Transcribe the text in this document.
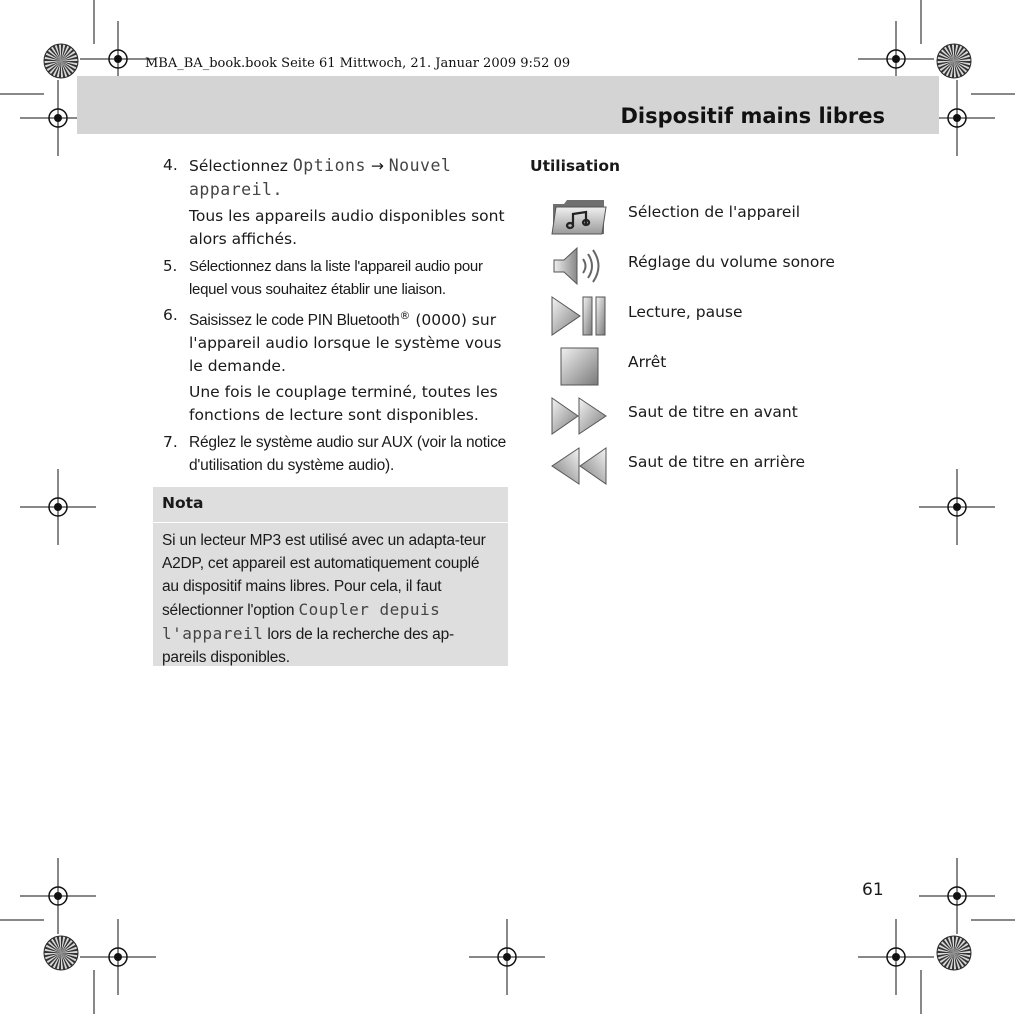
MBA_BA_book.book Seite 61 Mittwoch, 21. Januar 2009 9:52 09
Dispositif mains libres
4. Sélectionnez Options → Nouvel appareil.
Tous les appareils audio disponibles sont alors affichés.
5. Sélectionnez dans la liste l'appareil audio pour lequel vous souhaitez établir une liaison.
6. Saisissez le code PIN Bluetooth® (0000) sur l'appareil audio lorsque le système vous le demande.
Une fois le couplage terminé, toutes les fonctions de lecture sont disponibles.
7. Réglez le système audio sur AUX (voir la notice d'utilisation du système audio).
Nota
Si un lecteur MP3 est utilisé avec un adapta-teur A2DP, cet appareil est automatiquement couplé au dispositif mains libres. Pour cela, il faut sélectionner l'option Coupler depuis l'appareil lors de la recherche des ap-pareils disponibles.
Utilisation
Sélection de l'appareil
Réglage du volume sonore
Lecture, pause
Arrêt
Saut de titre en avant
Saut de titre en arrière
61
